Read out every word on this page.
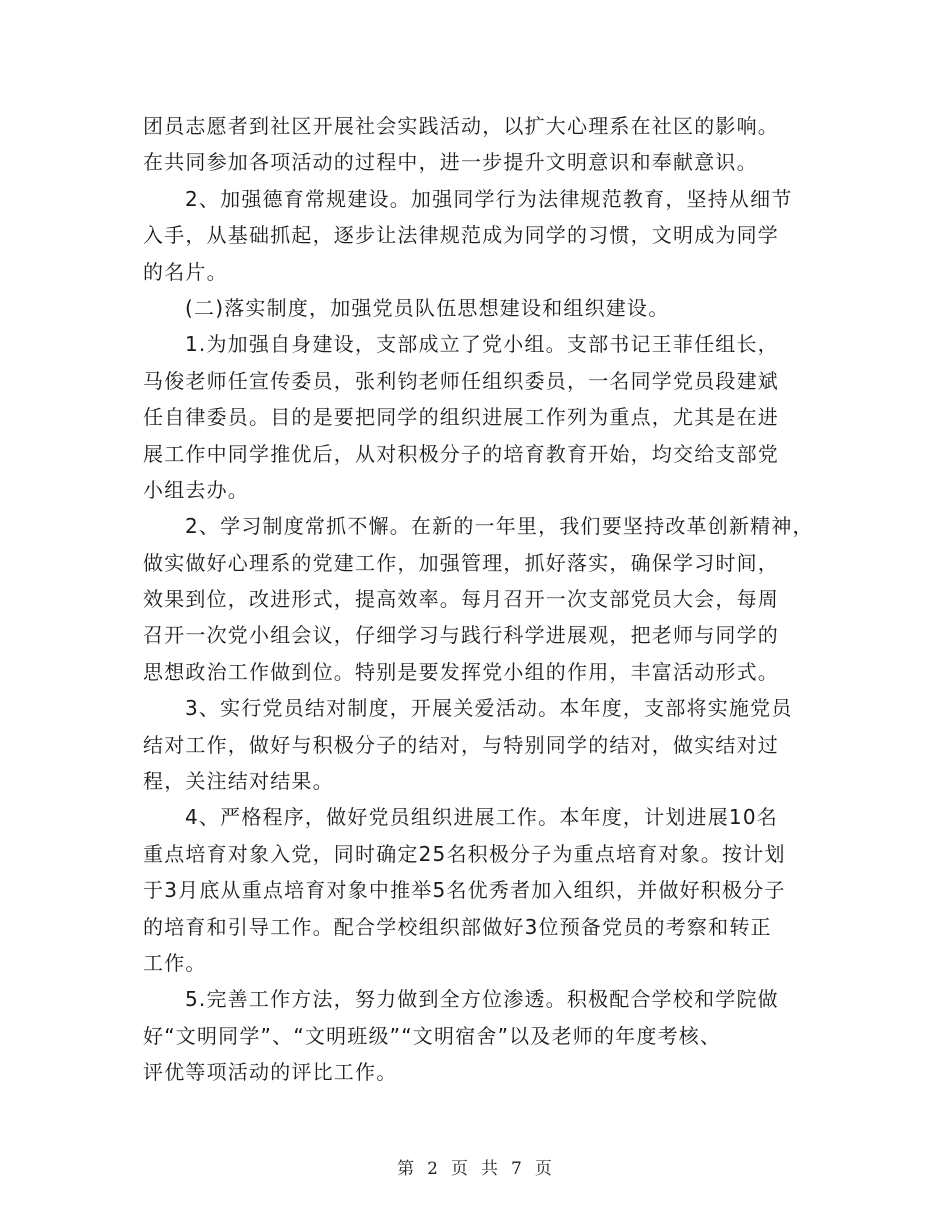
团员志愿者到社区开展社会实践活动，以扩大心理系在社区的影响。
在共同参加各项活动的过程中，进一步提升文明意识和奉献意识。
2、加强德育常规建设。加强同学行为法律规范教育，坚持从细节
入手，从基础抓起，逐步让法律规范成为同学的习惯，文明成为同学
的名片。
(二)落实制度，加强党员队伍思想建设和组织建设。
1.为加强自身建设，支部成立了党小组。支部书记王菲任组长，
马俊老师任宣传委员，张利钧老师任组织委员，一名同学党员段建斌
任自律委员。目的是要把同学的组织进展工作列为重点，尤其是在进
展工作中同学推优后，从对积极分子的培育教育开始，均交给支部党
小组去办。
2、学习制度常抓不懈。在新的一年里，我们要坚持改革创新精神，
做实做好心理系的党建工作，加强管理，抓好落实，确保学习时间，
效果到位，改进形式，提高效率。每月召开一次支部党员大会，每周
召开一次党小组会议，仔细学习与践行科学进展观，把老师与同学的
思想政治工作做到位。特别是要发挥党小组的作用，丰富活动形式。
3、实行党员结对制度，开展关爱活动。本年度，支部将实施党员
结对工作，做好与积极分子的结对，与特别同学的结对，做实结对过
程，关注结对结果。
4、严格程序，做好党员组织进展工作。本年度，计划进展10名
重点培育对象入党，同时确定25名积极分子为重点培育对象。按计划
于3月底从重点培育对象中推举5名优秀者加入组织，并做好积极分子
的培育和引导工作。配合学校组织部做好3位预备党员的考察和转正
工作。
5.完善工作方法，努力做到全方位渗透。积极配合学校和学院做
好“文明同学”、“文明班级”“文明宿舍”以及老师的年度考核、
评优等项活动的评比工作。
第 2 页 共 7 页
